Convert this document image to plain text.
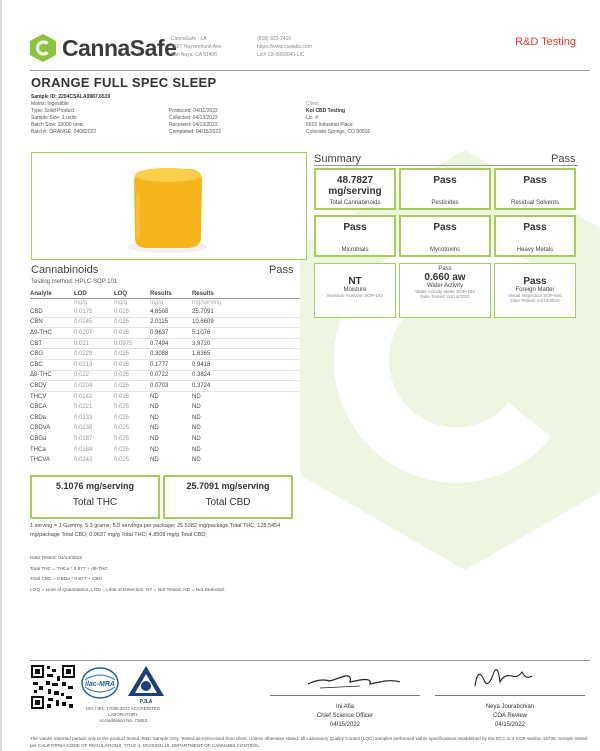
CannaSafe
CannaSafe - LA
7027 Hayvenhurst Ave.
Van Nuys, CA 91406
(818) 922-2416
https://www.csalabs.com
Lic# C8-0000040-LIC
R&D Testing
ORANGE FULL SPEC SLEEP
Sample ID: 2204CSALA9987.6519
Matrix: Ingestible
Type: Solid Product
Sample Size: 1 units
Batch Size: 10000 units
Batch#: ORANGE: 04082022
Produced: 04/11/2022
Collected: 04/13/2022
Received: 04/13/2022
Completed: 04/15/2022
Client
Koi CBD Testing
Lic. #
5615 Industrial Place
Colorado Springs, CO 80916
Summary	Pass
48.7827
mg/serving
Total Cannabinoids
Pass
Pesticides
Pass
Residual Solvents
Pass
Microbials
Pass
Mycotoxins
Pass
Heavy Metals
NT
Moisture
Moisture Analyzer SOP-103
Pass
0.660 aw
Water Activity
Water Activity Meter SOP-102
Date Tested: 04/14/2022
Pass
Foreign Matter
Visual Inspection SOP-600
Date Tested: 04/13/2022
Cannabinoids	Pass
Testing method: HPLC-SOP 101
Analyte	LOD	LOQ	Results	Results
	mg/g	mg/g	mg/g	mg/serving
CBD	0.0175	0.025	4.8508	25.7091
CBN	0.0245	0.025	2.0115	10.6609
Δ9-THC	0.0207	0.025	0.9637	5.1076
CBT	0.021	0.0975	0.7494	3.9720
CBG	0.0229	0.025	0.3088	1.6365
CBC	0.0213	0.025	0.1777	0.9418
Δ8-THC	0.022	0.025	0.0722	0.3824
CBDV	0.0204	0.025	0.0703	0.3724
THCV	0.0242	0.025	ND	ND
CBCA	0.0221	0.025	ND	ND
CBDa	0.0133	0.025	ND	ND
CBDVA	0.0238	0.025	ND	ND
CBGa	0.0187	0.025	ND	ND
THCa	0.0184	0.025	ND	ND
THCVA	0.0243	0.025	ND	ND
5.1076 mg/serving
Total THC
25.7091 mg/serving
Total CBD
1 serving = 1 Gummy, 5.3 grams; 5.0 servings per package; 25.5382 mg/package Total THC; 128.5454 mg/package Total CBD; 0.9637 mg/g Total THC; 4.8508 mg/g Total CBD;
Date Tested: 04/14/2022
Total THC = THCa * 0.877 + d9-THC
Total CBD = CBDa * 0.877 + CBD
LOQ = Limit of Quantitation; LOD = Limit of Detection; NT = Not Tested; ND = Not Detected.
ilac-MRA
PJLA
ISO / IEC 17025:2017 ACCREDITED
LABORATORY
Accreditation No. 73653
Ini Afia
Chief Science Officer
04/15/2022
Neya Jourabchian
COA Review
04/15/2022
The values reported pertain only to the product tested. R&D Sample Only. Tested as-is/received from client. Unless otherwise stated, all Laboratory Quality Control (LQC) samples performed within specifications established by the DCC in 4 CCR section 15730. Sample tested per CALIFORNIA CODE OF REGULATIONS, TITLE 4, DIVISION 19, DEPARTMENT OF CANNABIS CONTROL.
